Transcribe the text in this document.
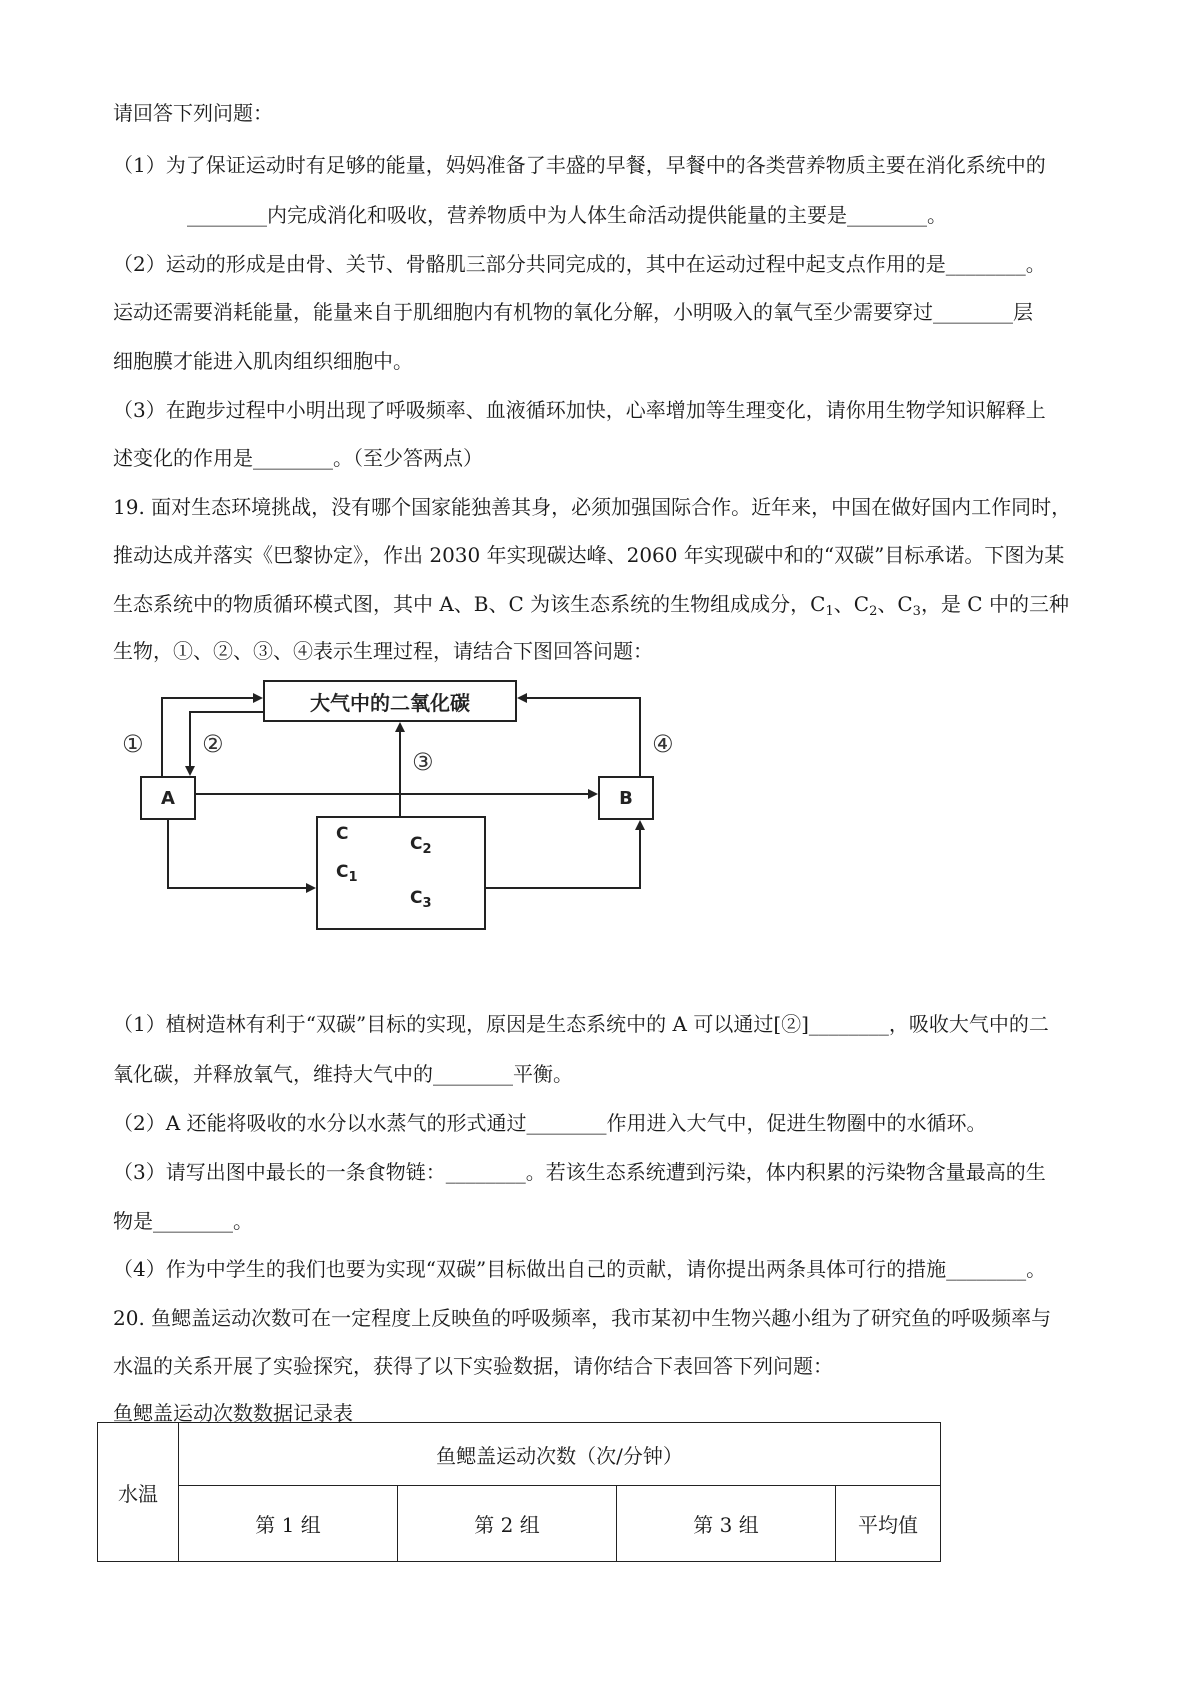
请回答下列问题：
（1）为了保证运动时有足够的能量，妈妈准备了丰盛的早餐，早餐中的各类营养物质主要在消化系统中的
________内完成消化和吸收，营养物质中为人体生命活动提供能量的主要是________。
（2）运动的形成是由骨、关节、骨骼肌三部分共同完成的，其中在运动过程中起支点作用的是________。
运动还需要消耗能量，能量来自于肌细胞内有机物的氧化分解，小明吸入的氧气至少需要穿过________层
细胞膜才能进入肌肉组织细胞中。
（3）在跑步过程中小明出现了呼吸频率、血液循环加快，心率增加等生理变化，请你用生物学知识解释上
述变化的作用是________。（至少答两点）
19. 面对生态环境挑战，没有哪个国家能独善其身，必须加强国际合作。近年来，中国在做好国内工作同时，
推动达成并落实《巴黎协定》，作出 2030 年实现碳达峰、2060 年实现碳中和的“双碳”目标承诺。下图为某
生态系统中的物质循环模式图，其中 A、B、C 为该生态系统的生物组成成分，$C_1$、$C_2$、$C_3$，是 C 中的三种
生物，①、②、③、④表示生理过程，请结合下图回答问题：
大气中的二氧化碳
A	B
C
$C_1$
$C_2$
$C_3$
① ②
③
④
（1）植树造林有利于“双碳”目标的实现，原因是生态系统中的 A 可以通过[②]________，吸收大气中的二
氧化碳，并释放氧气，维持大气中的________平衡。
（2）A 还能将吸收的水分以水蒸气的形式通过________作用进入大气中，促进生物圈中的水循环。
（3）请写出图中最长的一条食物链：________。若该生态系统遭到污染，体内积累的污染物含量最高的生
物是________。
（4）作为中学生的我们也要为实现“双碳”目标做出自己的贡献，请你提出两条具体可行的措施________。
20. 鱼鳃盖运动次数可在一定程度上反映鱼的呼吸频率，我市某初中生物兴趣小组为了研究鱼的呼吸频率与
水温的关系开展了实验探究，获得了以下实验数据，请你结合下表回答下列问题：
鱼鳃盖运动次数数据记录表
水温	鱼鳃盖运动次数（次/分钟）			
	第 1 组	第 2 组	第 3 组	平均值
